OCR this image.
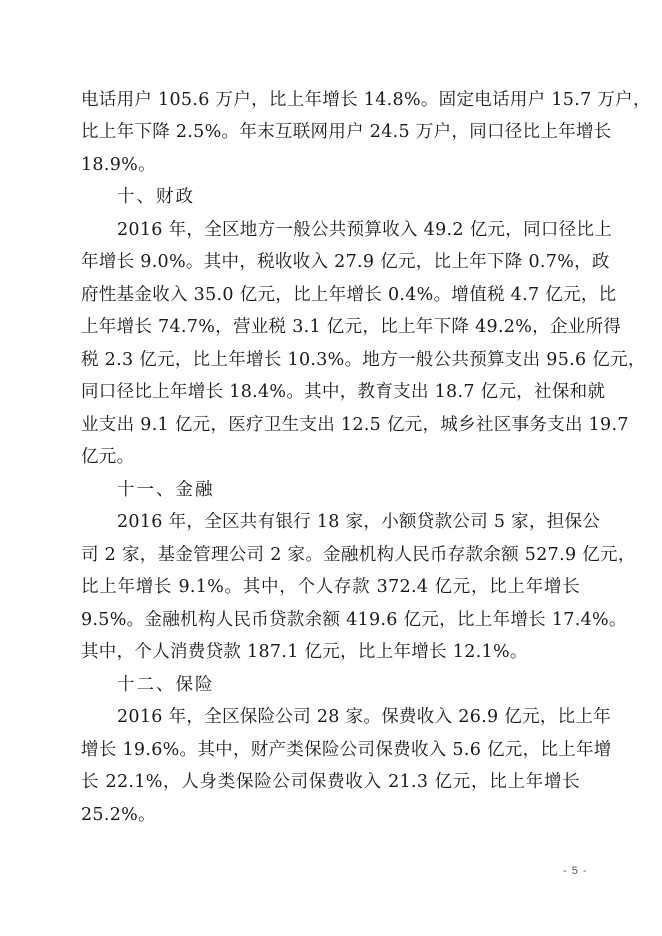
电话用户 105.6 万户，比上年增长 14.8%。固定电话用户 15.7 万户，
比上年下降 2.5%。年末互联网用户 24.5 万户，同口径比上年增长
18.9%。
十、财政
2016 年，全区地方一般公共预算收入 49.2 亿元，同口径比上
年增长 9.0%。其中，税收收入 27.9 亿元，比上年下降 0.7%，政
府性基金收入 35.0 亿元，比上年增长 0.4%。增值税 4.7 亿元，比
上年增长 74.7%，营业税 3.1 亿元，比上年下降 49.2%，企业所得
税 2.3 亿元，比上年增长 10.3%。地方一般公共预算支出 95.6 亿元，
同口径比上年增长 18.4%。其中，教育支出 18.7 亿元，社保和就
业支出 9.1 亿元，医疗卫生支出 12.5 亿元，城乡社区事务支出 19.7
亿元。
十一、金融
2016 年，全区共有银行 18 家，小额贷款公司 5 家，担保公
司 2 家，基金管理公司 2 家。金融机构人民币存款余额 527.9 亿元，
比上年增长 9.1%。其中，个人存款 372.4 亿元，比上年增长
9.5%。金融机构人民币贷款余额 419.6 亿元，比上年增长 17.4%。
其中，个人消费贷款 187.1 亿元，比上年增长 12.1%。
十二、保险
2016 年，全区保险公司 28 家。保费收入 26.9 亿元，比上年
增长 19.6%。其中，财产类保险公司保费收入 5.6 亿元，比上年增
长 22.1%，人身类保险公司保费收入 21.3 亿元，比上年增长
25.2%。
- 5 -
